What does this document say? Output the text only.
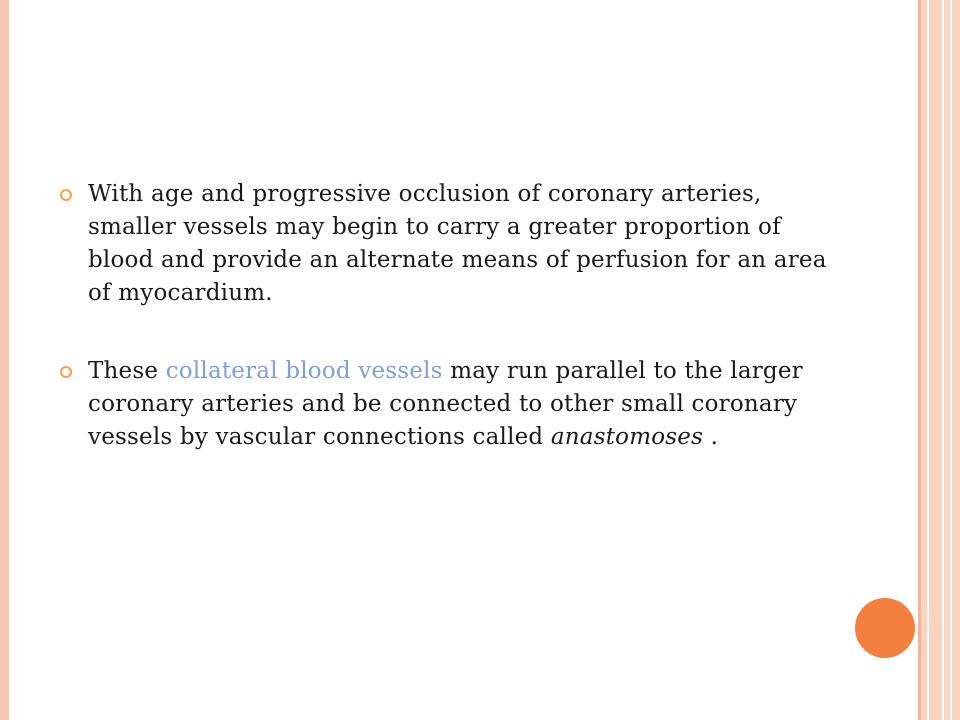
With age and progressive occlusion of coronary arteries, smaller vessels may begin to carry a greater proportion of blood and provide an alternate means of perfusion for an area of myocardium.
These collateral blood vessels may run parallel to the larger coronary arteries and be connected to other small coronary vessels by vascular connections called anastomoses .
